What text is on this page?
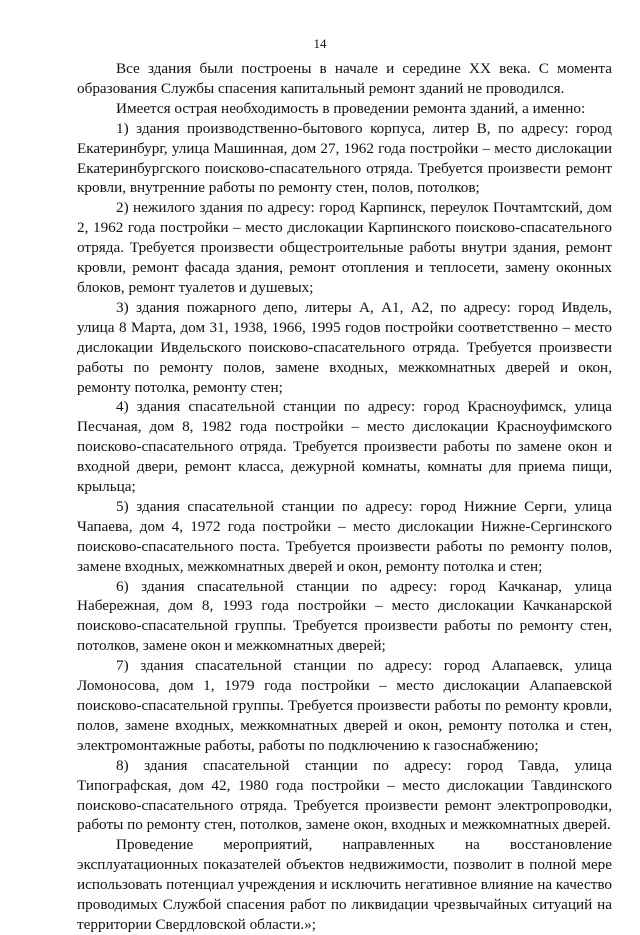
14

Все здания были построены в начале и середине XX века. С момента образования Службы спасения капитальный ремонт зданий не проводился.

Имеется острая необходимость в проведении ремонта зданий, а именно:

1) здания производственно-бытового корпуса, литер В, по адресу: город Екатеринбург, улица Машинная, дом 27, 1962 года постройки – место дислокации Екатеринбургского поисково-спасательного отряда. Требуется произвести ремонт кровли, внутренние работы по ремонту стен, полов, потолков;

2) нежилого здания по адресу: город Карпинск, переулок Почтамтский, дом 2, 1962 года постройки – место дислокации Карпинского поисково-спасательного отряда. Требуется произвести общестроительные работы внутри здания, ремонт кровли, ремонт фасада здания, ремонт отопления и теплосети, замену оконных блоков, ремонт туалетов и душевых;

3) здания пожарного депо, литеры А, А1, А2, по адресу: город Ивдель, улица 8 Марта, дом 31, 1938, 1966, 1995 годов постройки соответственно – место дислокации Ивдельского поисково-спасательного отряда. Требуется произвести работы по ремонту полов, замене входных, межкомнатных дверей и окон, ремонту потолка, ремонту стен;

4) здания спасательной станции по адресу: город Красноуфимск, улица Песчаная, дом 8, 1982 года постройки – место дислокации Красноуфимского поисково-спасательного отряда. Требуется произвести работы по замене окон и входной двери, ремонт класса, дежурной комнаты, комнаты для приема пищи, крыльца;

5) здания спасательной станции по адресу: город Нижние Серги, улица Чапаева, дом 4, 1972 года постройки – место дислокации Нижне-Сергинского поисково-спасательного поста. Требуется произвести работы по ремонту полов, замене входных, межкомнатных дверей и окон, ремонту потолка и стен;

6) здания спасательной станции по адресу: город Качканар, улица Набережная, дом 8, 1993 года постройки – место дислокации Качканарской поисково-спасательной группы. Требуется произвести работы по ремонту стен, потолков, замене окон и межкомнатных дверей;

7) здания спасательной станции по адресу: город Алапаевск, улица Ломоносова, дом 1, 1979 года постройки – место дислокации Алапаевской поисково-спасательной группы. Требуется произвести работы по ремонту кровли, полов, замене входных, межкомнатных дверей и окон, ремонту потолка и стен, электромонтажные работы, работы по подключению к газоснабжению;

8) здания спасательной станции по адресу: город Тавда, улица Типографская, дом 42, 1980 года постройки – место дислокации Тавдинского поисково-спасательного отряда. Требуется произвести ремонт электропроводки, работы по ремонту стен, потолков, замене окон, входных и межкомнатных дверей.

Проведение мероприятий, направленных на восстановление эксплуатационных показателей объектов недвижимости, позволит в полной мере использовать потенциал учреждения и исключить негативное влияние на качество проводимых Службой спасения работ по ликвидации чрезвычайных ситуаций на территории Свердловской области.»;
